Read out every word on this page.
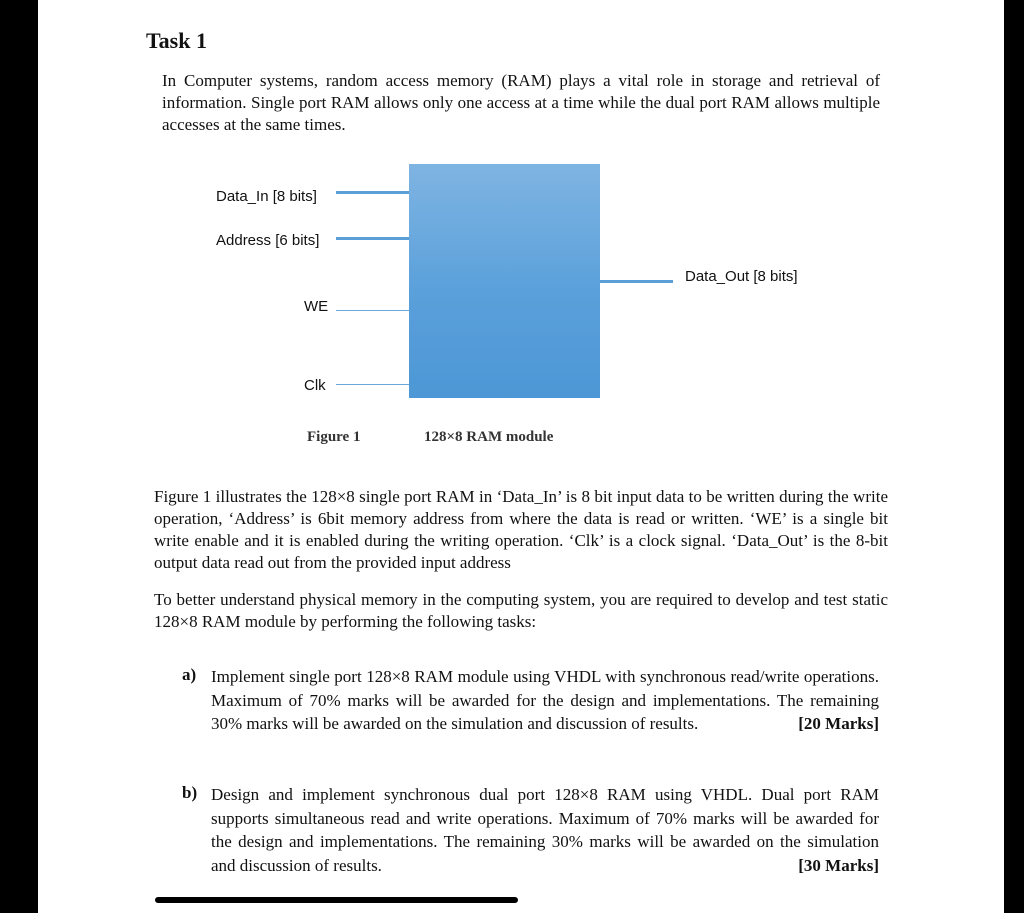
Task 1

In Computer systems, random access memory (RAM) plays a vital role in storage and retrieval of information. Single port RAM allows only one access at a time while the dual port RAM allows multiple accesses at the same times.

Data_In [8 bits]
Address [6 bits]
WE
Clk
Data_Out [8 bits]
Figure 1	128×8 RAM module

Figure 1 illustrates the 128×8 single port RAM in ‘Data_In’ is 8 bit input data to be written during the write operation, ‘Address’ is 6bit memory address from where the data is read or written. ‘WE’ is a single bit write enable and it is enabled during the writing operation. ‘Clk’ is a clock signal. ‘Data_Out’ is the 8-bit output data read out from the provided input address

To better understand physical memory in the computing system, you are required to develop and test static 128×8 RAM module by performing the following tasks:

a) Implement single port 128×8 RAM module using VHDL with synchronous read/write operations. Maximum of 70% marks will be awarded for the design and implementations. The remaining 30% marks will be awarded on the simulation and discussion of results.	[20 Marks]

b) Design and implement synchronous dual port 128×8 RAM using VHDL. Dual port RAM supports simultaneous read and write operations. Maximum of 70% marks will be awarded for the design and implementations. The remaining 30% marks will be awarded on the simulation and discussion of results.	[30 Marks]
